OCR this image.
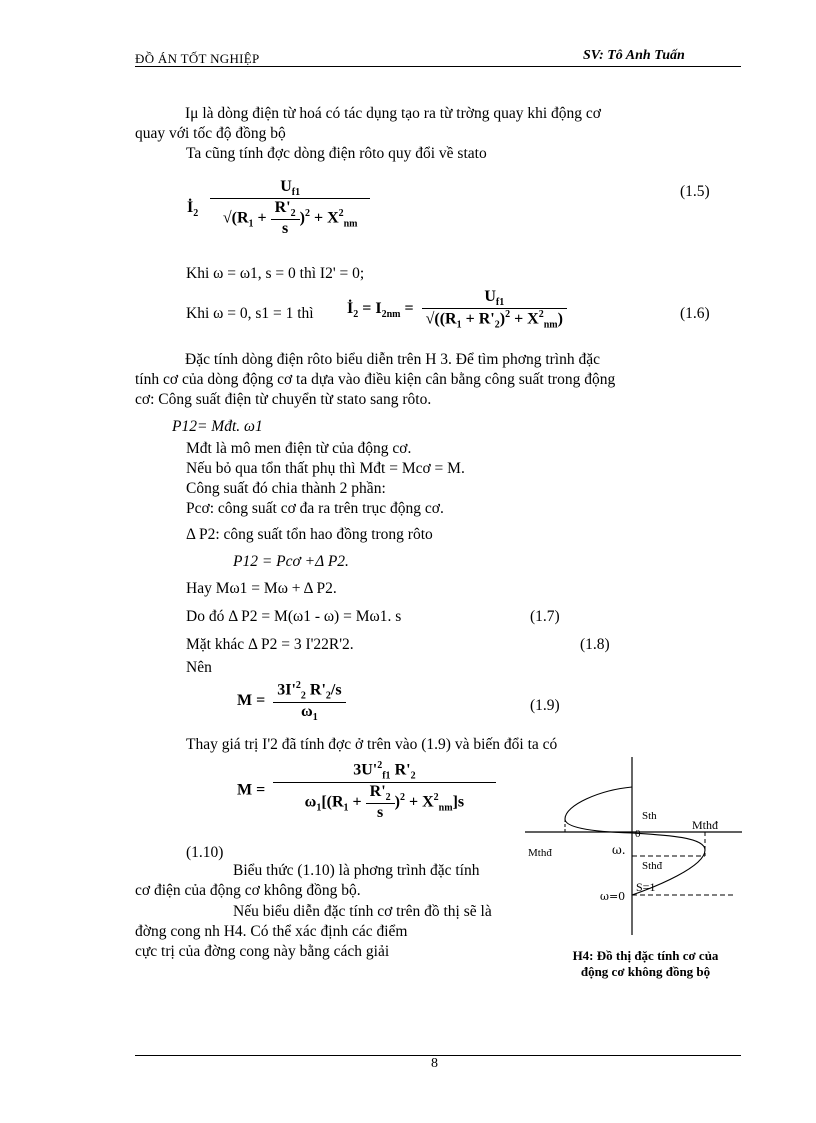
ĐỒ ÁN TỐT NGHIỆP	SV: Tô Anh Tuấn
Iμ là dòng điện từ hoá có tác dụng tạo ra từ trờng quay khi động cơ
quay với tốc độ đồng bộ
Ta cũng tính đợc dòng điện rôto quy đổi về stato
$İ_2 \frac{U_{f1}}{√(R_1 + \frac{R'_2}{s} )^2 + X^2_{nm}}$	(1.5)
Khi ω = ω1, s = 0 thì I2' = 0;
Khi ω = 0, s1 = 1 thì $İ_2 = I_{2nm} = \frac{U_{f1}}{√((R_1 + R'_2)^2 + X^2_{nm})}$	(1.6)
Đặc tính dòng điện rôto biểu diễn trên H 3. Để tìm phơng trình đặc
tính cơ của dòng động cơ ta dựa vào điều kiện cân bằng công suất trong động
cơ: Công suất điện từ chuyển từ stato sang rôto.
P12= Mđt. ω1
Mđt là mô men điện từ của động cơ.
Nếu bỏ qua tổn thất phụ thì Mđt = Mcơ = M.
Công suất đó chia thành 2 phần:
Pcơ: công suất cơ đa ra trên trục động cơ.
Δ P2: công suất tổn hao đồng trong rôto
P12 = Pcơ +Δ P2.
Hay Mω1 = Mω + Δ P2.
Do đó Δ P2 = M(ω1 - ω) = Mω1. s	(1.7)
Mặt khác Δ P2 = 3 I'22R'2.	(1.8)
Nên
$M = \frac{3I'^2_2 R'_2/s}{\omega_1}$	(1.9)
Thay giá trị I'2 đã tính đợc ở trên vào (1.9) và biến đổi ta có
$M = \frac{3U'^2_{f1} R'_2}{\omega_1[(R_1 + \frac{R'_2}{s} )^2 + X^2_{nm}]s}$
(1.10)
Biểu thức (1.10) là phơng trình đặc tính
cơ điện của động cơ không đồng bộ.
Nếu biểu diễn đặc tính cơ trên đồ thị sẽ là
đờng cong nh H4. Có thể xác định các điểm
cực trị của đờng cong này bằng cách giải
Sth
Mthđ
0
Mthđ	ω.
Sthđ
S=1
ω=0
H4: Đồ thị đặc tính cơ của
động cơ không đồng bộ
8
